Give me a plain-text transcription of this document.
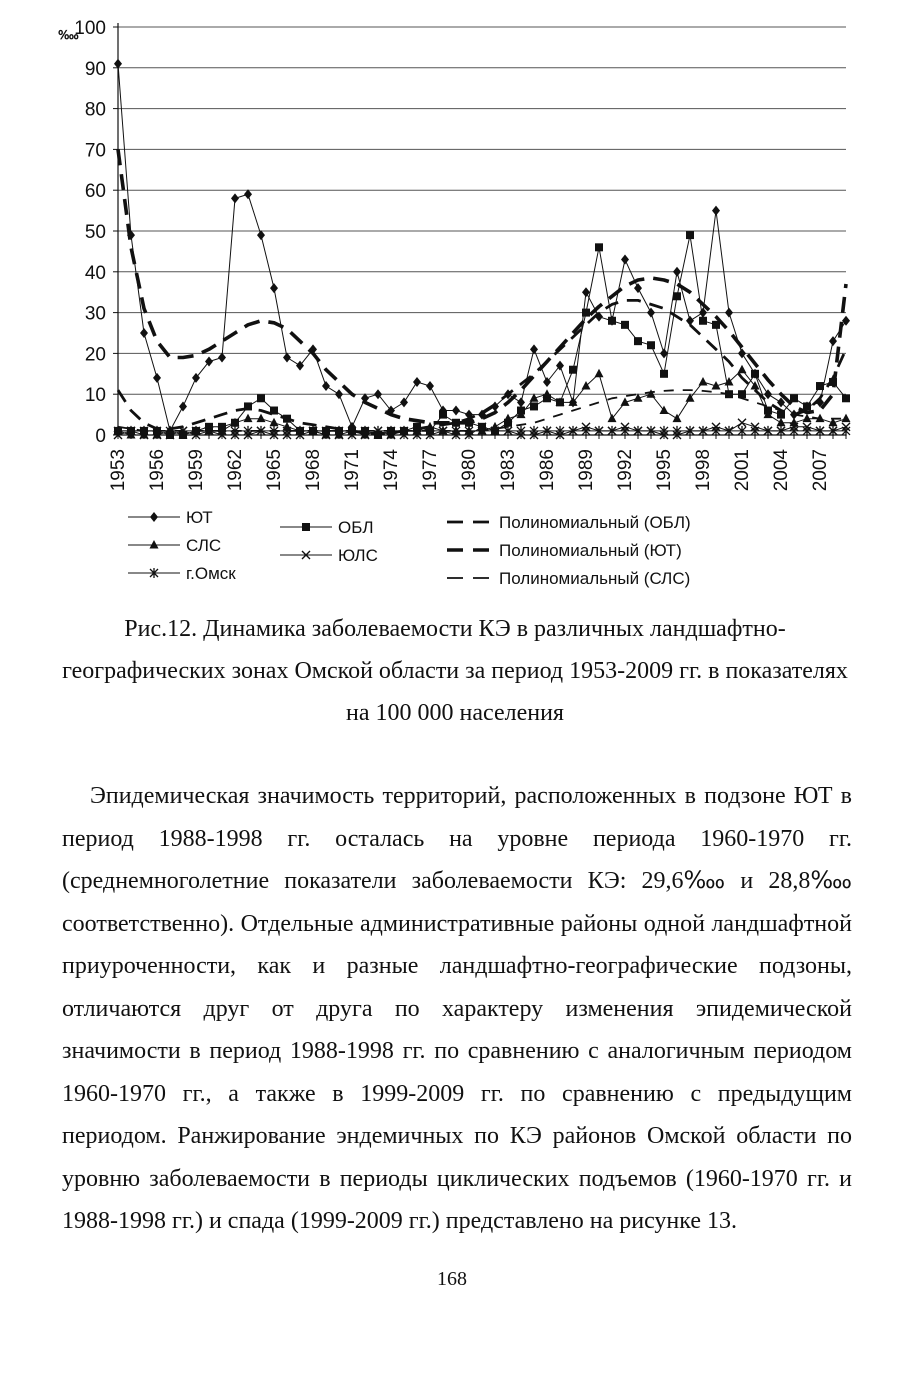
0
10
20
30
40
50
60
70
80
90
100
1953 1956 1959 1962 1965 1968 1971 1974 1977 1980 1983 1986 1989 1992 1995 1998 2001 2004 2007
‱
ЮТ
СЛС
г.Омск
ОБЛ
ЮЛС
Полиномиальный (ОБЛ)
Полиномиальный (ЮТ)
Полиномиальный (СЛС)
Рис.12. Динамика заболеваемости КЭ в различных ландшафтно-
географических зонах Омской области за период 1953-2009 гг. в показателях
на 100 000 населения

Эпидемическая значимость территорий, расположенных в подзоне ЮТ в период 1988-1998 гг. осталась на уровне периода 1960-1970 гг. (среднемноголетние показатели заболеваемости КЭ: 29,6‱ и 28,8‱ соответственно). Отдельные административные районы одной ландшафтной приуроченности, как и разные ландшафтно-географические подзоны, отличаются друг от друга по характеру изменения эпидемической значимости в период 1988-1998 гг. по сравнению с аналогичным периодом 1960-1970 гг., а также в 1999-2009 гг. по сравнению с предыдущим периодом. Ранжирование эндемичных по КЭ районов Омской области по уровню заболеваемости в периоды циклических подъемов (1960-1970 гг. и 1988-1998 гг.) и спада (1999-2009 гг.) представлено на рисунке 13.

168
